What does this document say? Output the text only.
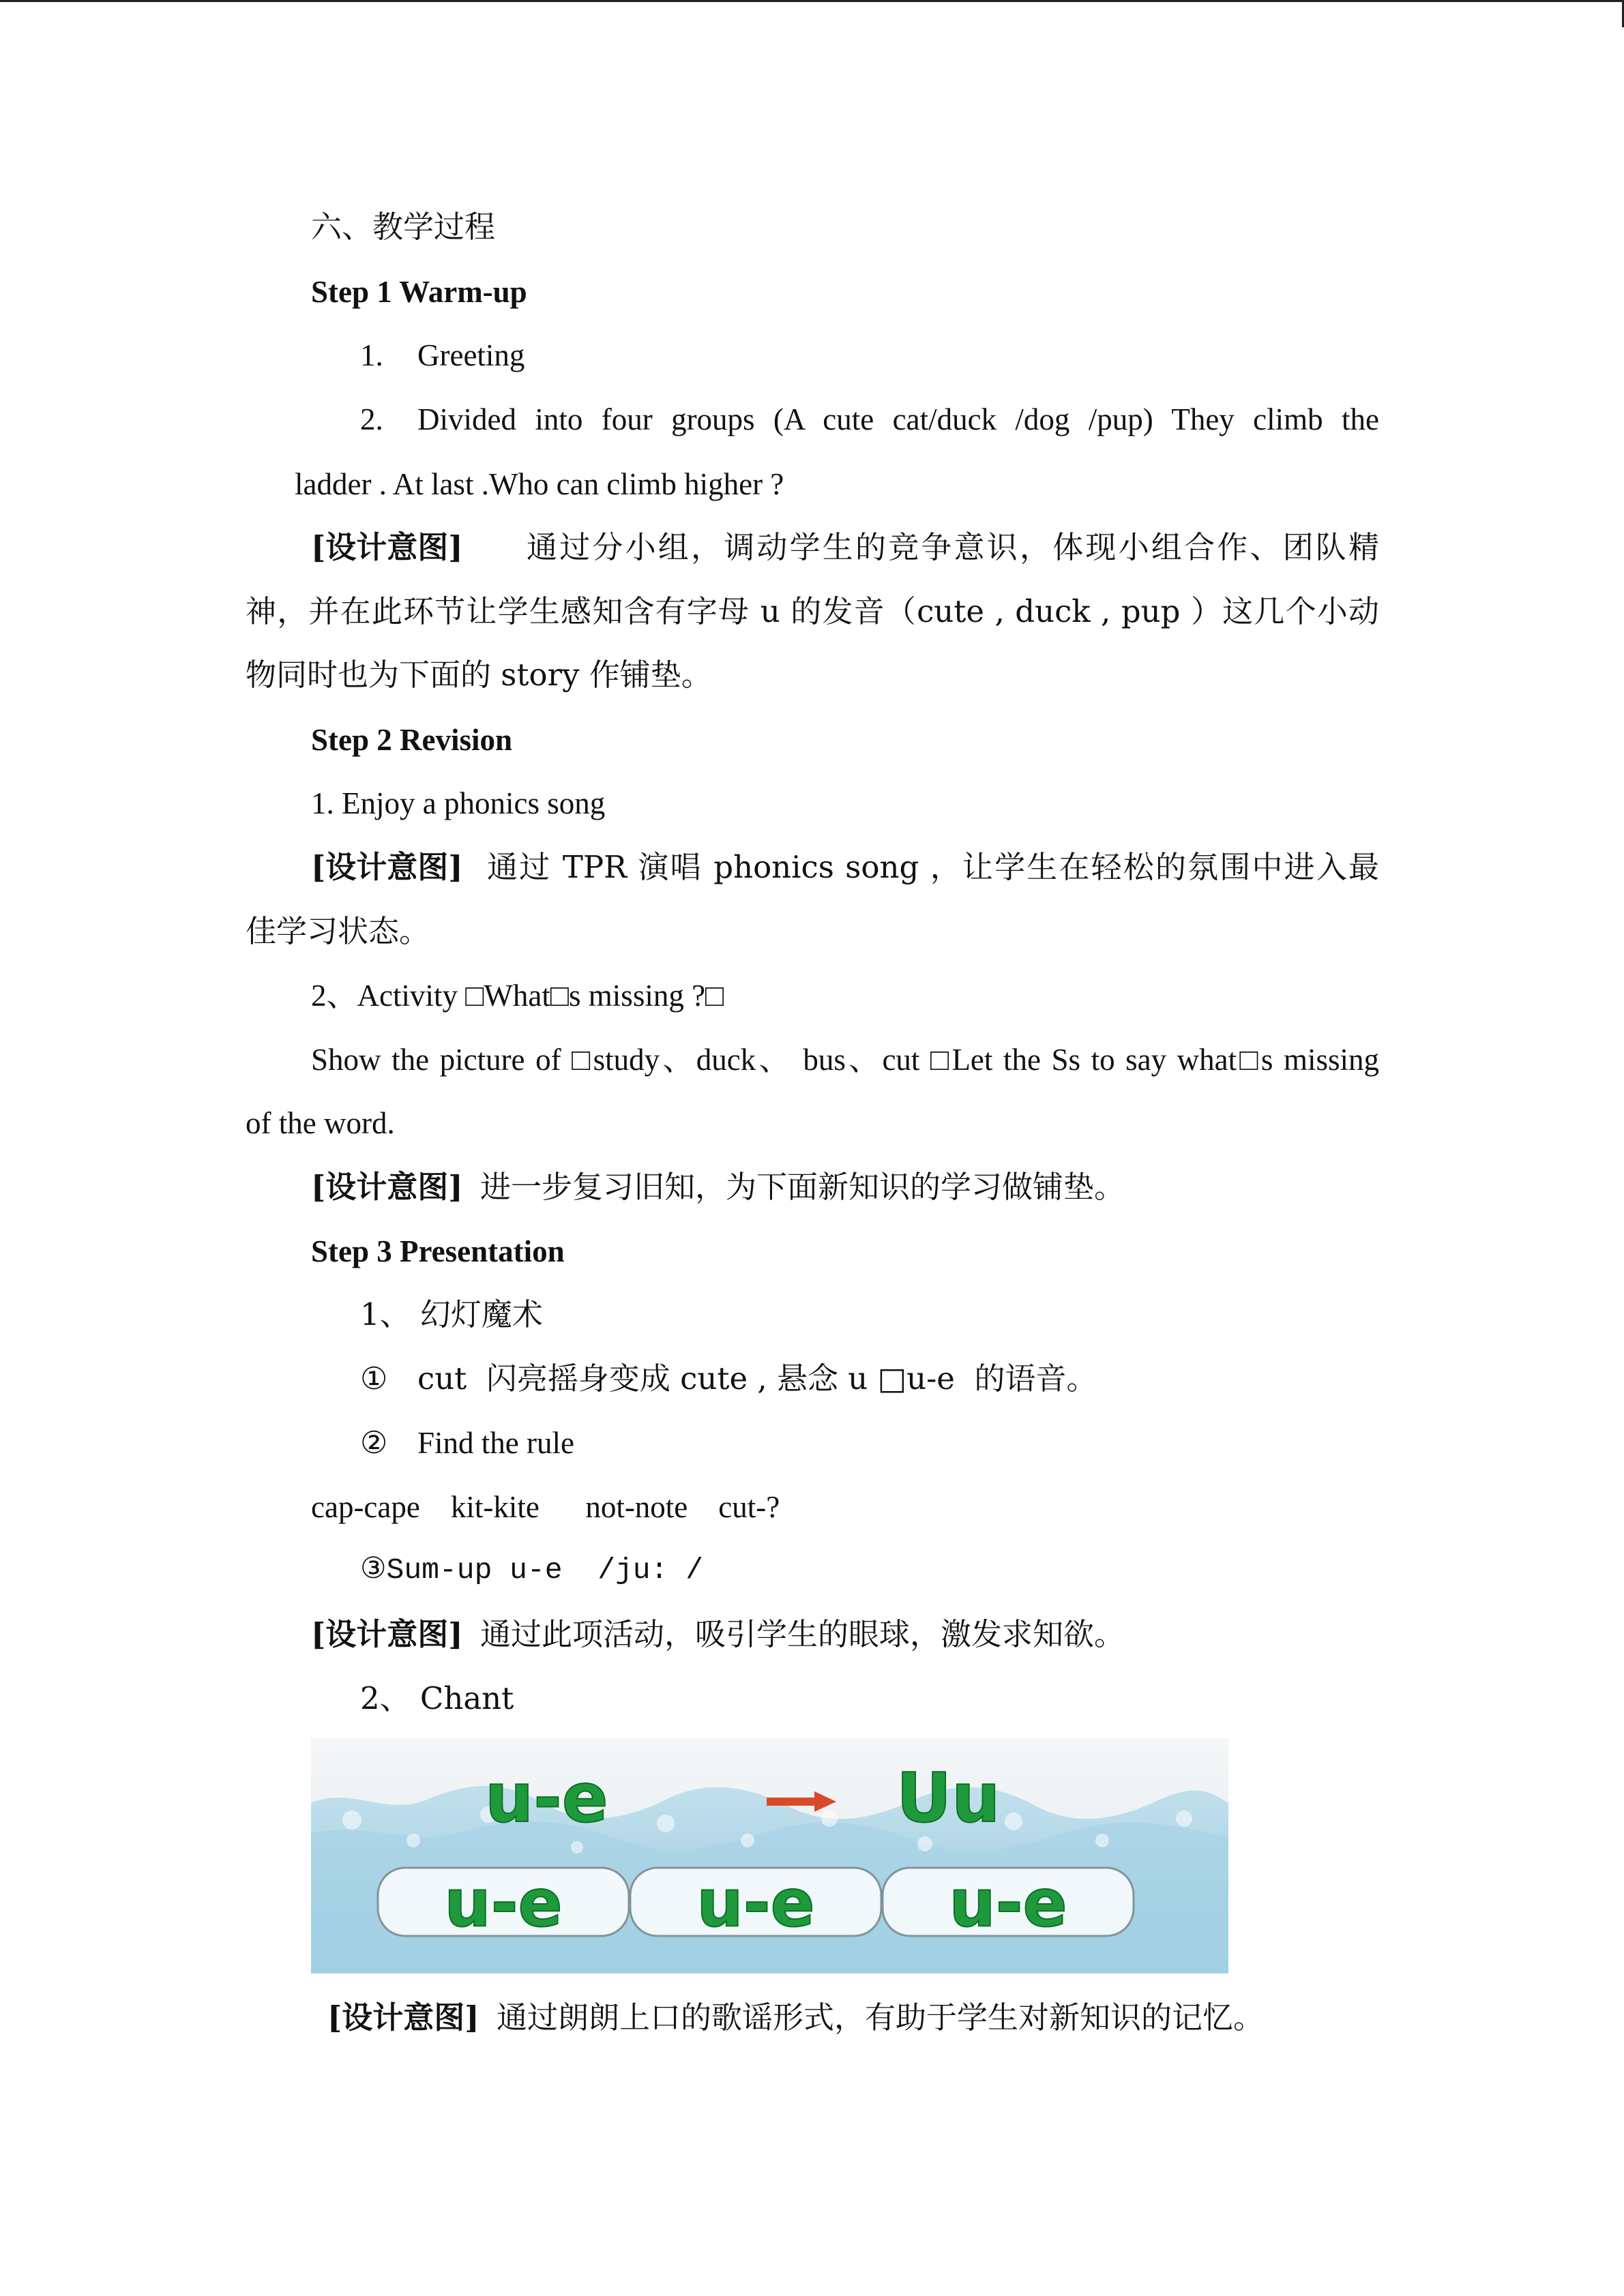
六、教学过程
Step 1 Warm-up
1. Greeting
2. Divided into four groups (A cute cat/duck /dog /pup) They climb the
ladder . At last .Who can climb higher ?
[设计意图] 通过分小组，调动学生的竞争意识，体现小组合作、团队精
神，并在此环节让学生感知含有字母 u 的发音（cute , duck , pup ）这几个小动
物同时也为下面的 story 作铺垫。
Step 2 Revision
1. Enjoy a phonics song
[设计意图] 通过 TPR 演唱 phonics song ，让学生在轻松的氛围中进入最
佳学习状态。
2、Activity □What□s missing ?□
Show the picture of □study、duck、 bus、cut □Let the Ss to say what□s missing
of the word.
[设计意图] 进一步复习旧知，为下面新知识的学习做铺垫。
Step 3 Presentation
1、 幻灯魔术
① cut  闪亮摇身变成 cute , 悬念 u □u-e  的语音。
② Find the rule
cap-cape    kit-kite      not-note    cut-?
③Sum-up u-e  /ju: /
[设计意图] 通过此项活动，吸引学生的眼球，激发求知欲。
2、 Chant
u-e	Uu
u-e u-e u-e
[设计意图] 通过朗朗上口的歌谣形式，有助于学生对新知识的记忆。
